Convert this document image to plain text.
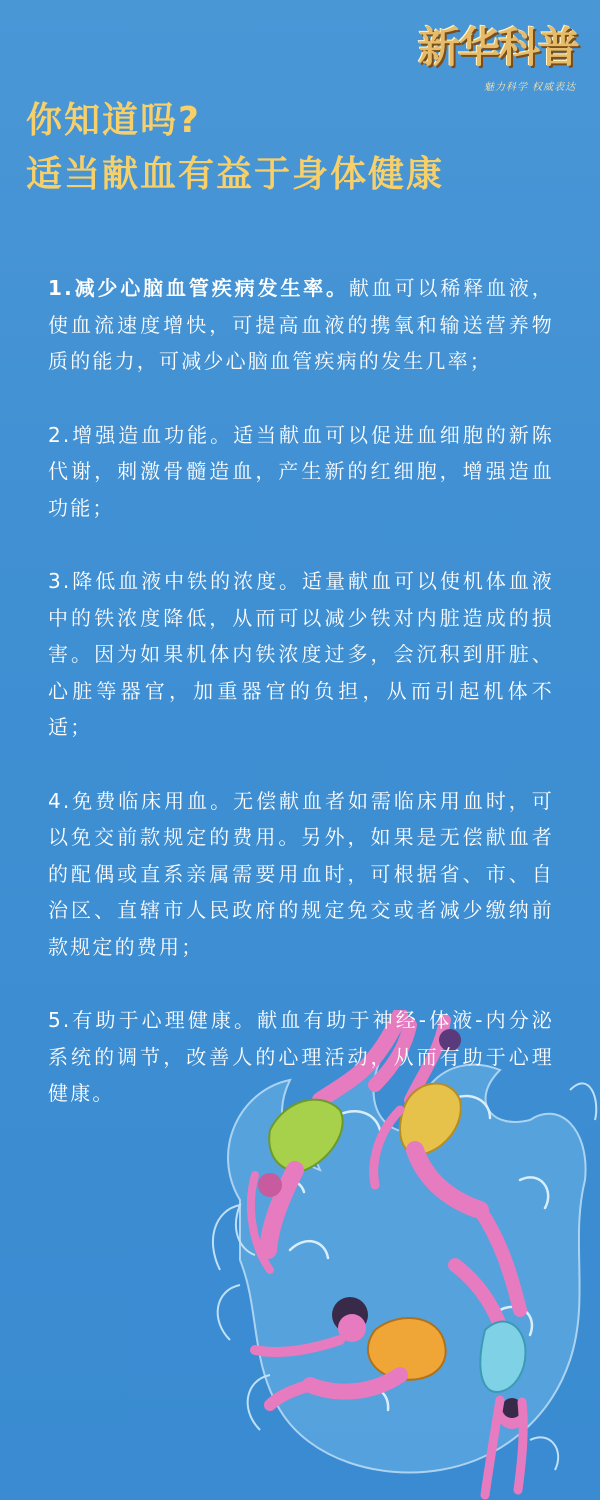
新华科普
魅力科学 权威表达
你知道吗?
适当献血有益于身体健康

1.减少心脑血管疾病发生率。献血可以稀释血液，使血流速度增快，可提高血液的携氧和输送营养物质的能力，可减少心脑血管疾病的发生几率；

2.增强造血功能。适当献血可以促进血细胞的新陈代谢，刺激骨髓造血，产生新的红细胞，增强造血功能；

3.降低血液中铁的浓度。适量献血可以使机体血液中的铁浓度降低，从而可以减少铁对内脏造成的损害。因为如果机体内铁浓度过多，会沉积到肝脏、心脏等器官，加重器官的负担，从而引起机体不适；

4.免费临床用血。无偿献血者如需临床用血时，可以免交前款规定的费用。另外，如果是无偿献血者的配偶或直系亲属需要用血时，可根据省、市、自治区、直辖市人民政府的规定免交或者减少缴纳前款规定的费用；

5.有助于心理健康。献血有助于神经-体液-内分泌系统的调节，改善人的心理活动，从而有助于心理健康。
